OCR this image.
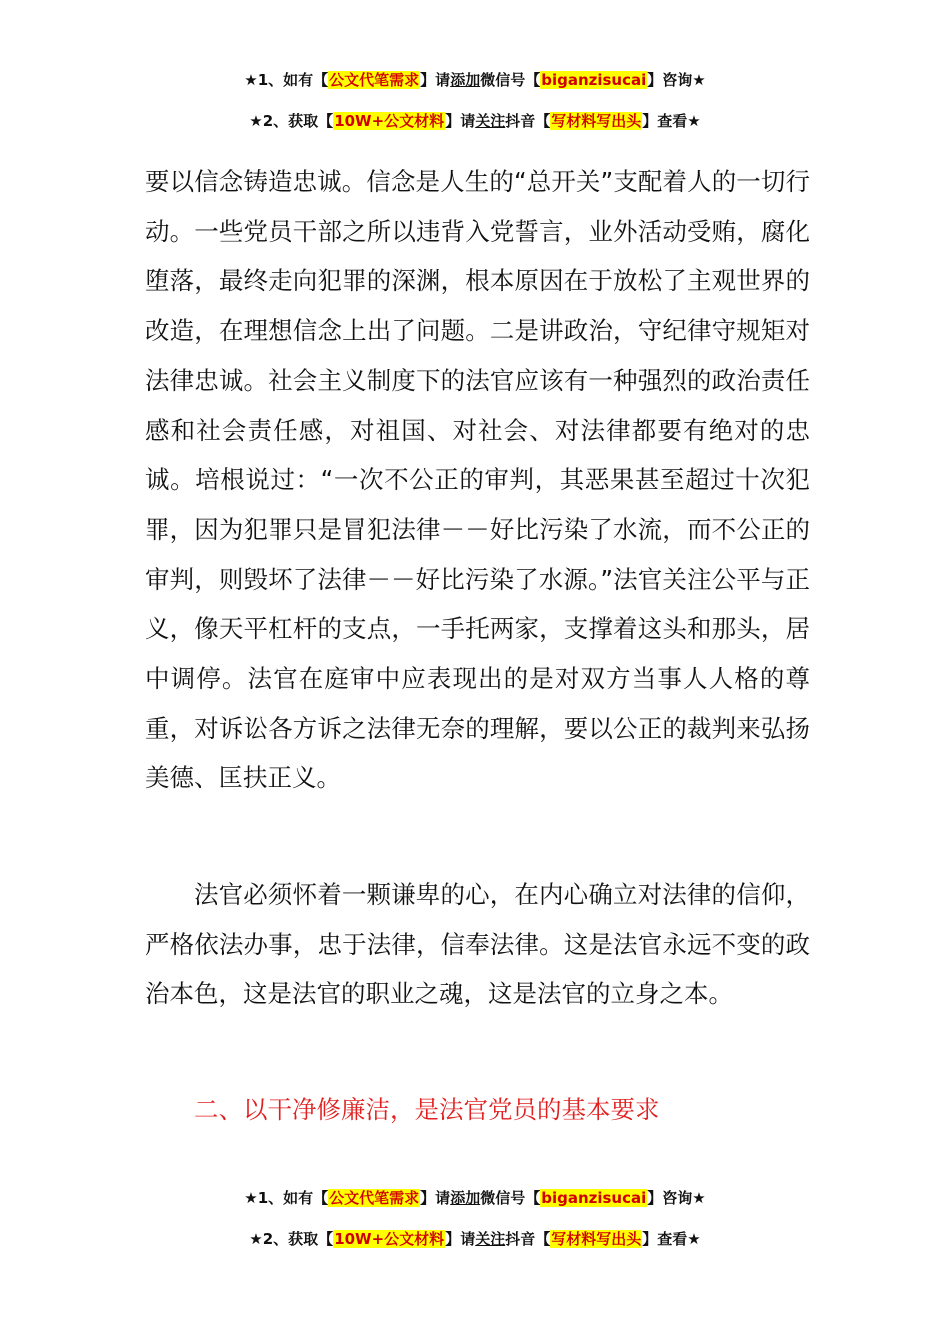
★1、如有【公文代笔需求】请添加微信号【biganzisucai】咨询★
★2、获取【10W+公文材料】请关注抖音【写材料写出头】查看★

要以信念铸造忠诚。信念是人生的“总开关”支配着人的一切行动。一些党员干部之所以违背入党誓言，业外活动受贿，腐化堕落，最终走向犯罪的深渊，根本原因在于放松了主观世界的改造，在理想信念上出了问题。二是讲政治，守纪律守规矩对法律忠诚。社会主义制度下的法官应该有一种强烈的政治责任感和社会责任感，对祖国、对社会、对法律都要有绝对的忠诚。培根说过：“一次不公正的审判，其恶果甚至超过十次犯罪，因为犯罪只是冒犯法律－－好比污染了水流，而不公正的审判，则毁坏了法律－－好比污染了水源。”法官关注公平与正义，像天平杠杆的支点，一手托两家，支撑着这头和那头，居中调停。法官在庭审中应表现出的是对双方当事人人格的尊重，对诉讼各方诉之法律无奈的理解，要以公正的裁判来弘扬美德、匡扶正义。

法官必须怀着一颗谦卑的心，在内心确立对法律的信仰，严格依法办事，忠于法律，信奉法律。这是法官永远不变的政治本色，这是法官的职业之魂，这是法官的立身之本。

二、以干净修廉洁，是法官党员的基本要求

★1、如有【公文代笔需求】请添加微信号【biganzisucai】咨询★
★2、获取【10W+公文材料】请关注抖音【写材料写出头】查看★
